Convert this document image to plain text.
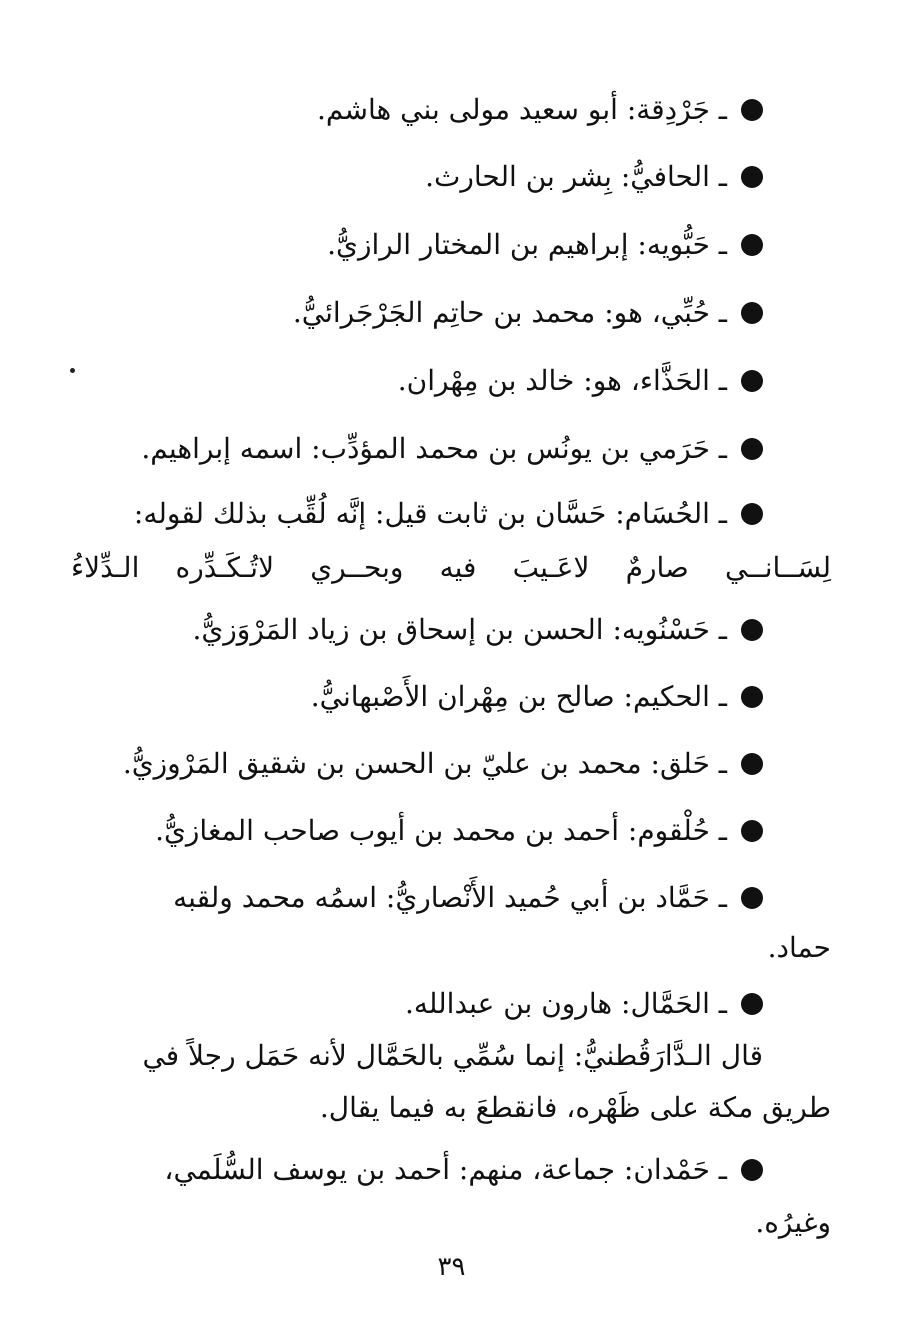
ـ جَرْدِقة: أبو سعيد مولى بني هاشم.
ـ الحافيُّ: بِشر بن الحارث.
ـ حَبُّويه: إبراهيم بن المختار الرازيُّ.
ـ حُبِّي، هو: محمد بن حاتِم الجَرْجَرائيُّ.
ـ الحَذَّاء، هو: خالد بن مِهْران.
ـ حَرَمي بن يونُس بن محمد المؤدِّب: اسمه إبراهيم.
ـ الحُسَام: حَسَّان بن ثابت قيل: إنَّه لُقِّب بذلك لقوله:
لِسَــانــي صارمٌ لاعَـيبَ فيه وبحــري لاتُـكَـدِّره الـدِّلاءُ
ـ حَسْنُويه: الحسن بن إسحاق بن زياد المَرْوَزيُّ.
ـ الحكيم: صالح بن مِهْران الأَصْبهانيُّ.
ـ حَلق: محمد بن عليّ بن الحسن بن شقيق المَرْوزيُّ.
ـ حُلْقوم: أحمد بن محمد بن أيوب صاحب المغازيُّ.
ـ حَمَّاد بن أبي حُميد الأَنْصاريُّ: اسمُه محمد ولقبه
حماد.
ـ الحَمَّال: هارون بن عبدالله.
قال الـدَّارَقُطنيُّ: إنما سُمِّي بالحَمَّال لأنه حَمَل رجلاً في
طريق مكة على ظَهْره، فانقطعَ به فيما يقال.
ـ حَمْدان: جماعة، منهم: أحمد بن يوسف السُّلَمي،
وغيرُه.
٣٩
